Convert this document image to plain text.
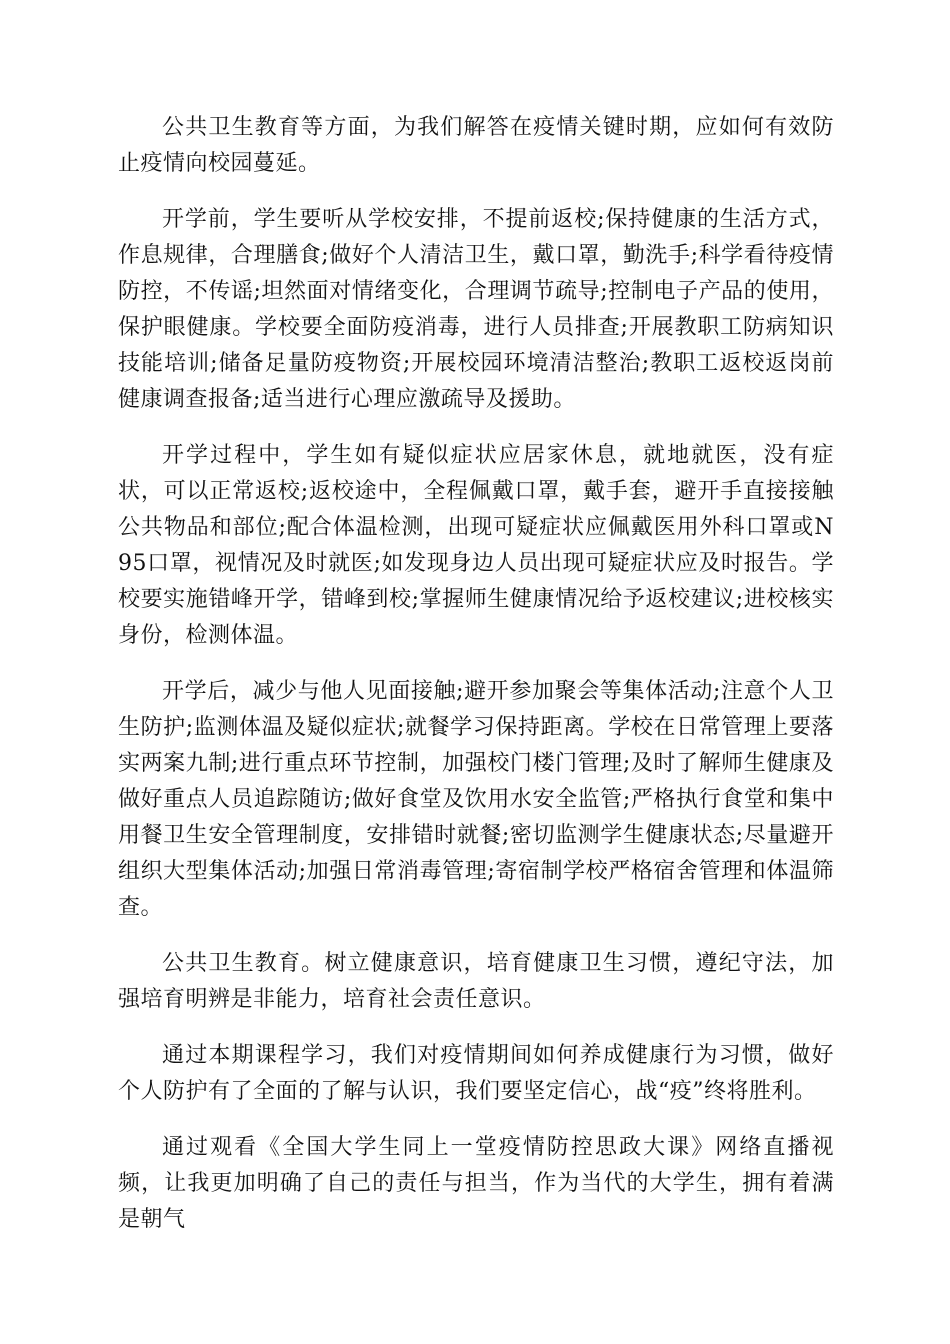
公共卫生教育等方面，为我们解答在疫情关键时期，应如何有效防止疫情向校园蔓延。

开学前，学生要听从学校安排，不提前返校;保持健康的生活方式，作息规律，合理膳食;做好个人清洁卫生，戴口罩，勤洗手;科学看待疫情防控，不传谣;坦然面对情绪变化，合理调节疏导;控制电子产品的使用，保护眼健康。学校要全面防疫消毒，进行人员排查;开展教职工防病知识技能培训;储备足量防疫物资;开展校园环境清洁整治;教职工返校返岗前健康调查报备;适当进行心理应激疏导及援助。

开学过程中，学生如有疑似症状应居家休息，就地就医，没有症状，可以正常返校;返校途中，全程佩戴口罩，戴手套，避开手直接接触公共物品和部位;配合体温检测，出现可疑症状应佩戴医用外科口罩或N95口罩，视情况及时就医;如发现身边人员出现可疑症状应及时报告。学校要实施错峰开学，错峰到校;掌握师生健康情况给予返校建议;进校核实身份，检测体温。

开学后，减少与他人见面接触;避开参加聚会等集体活动;注意个人卫生防护;监测体温及疑似症状;就餐学习保持距离。学校在日常管理上要落实两案九制;进行重点环节控制，加强校门楼门管理;及时了解师生健康及做好重点人员追踪随访;做好食堂及饮用水安全监管;严格执行食堂和集中用餐卫生安全管理制度，安排错时就餐;密切监测学生健康状态;尽量避开组织大型集体活动;加强日常消毒管理;寄宿制学校严格宿舍管理和体温筛查。

公共卫生教育。树立健康意识，培育健康卫生习惯，遵纪守法，加强培育明辨是非能力，培育社会责任意识。

通过本期课程学习，我们对疫情期间如何养成健康行为习惯，做好个人防护有了全面的了解与认识，我们要坚定信心，战“疫”终将胜利。

通过观看《全国大学生同上一堂疫情防控思政大课》网络直播视频，让我更加明确了自己的责任与担当，作为当代的大学生，拥有着满是朝气
